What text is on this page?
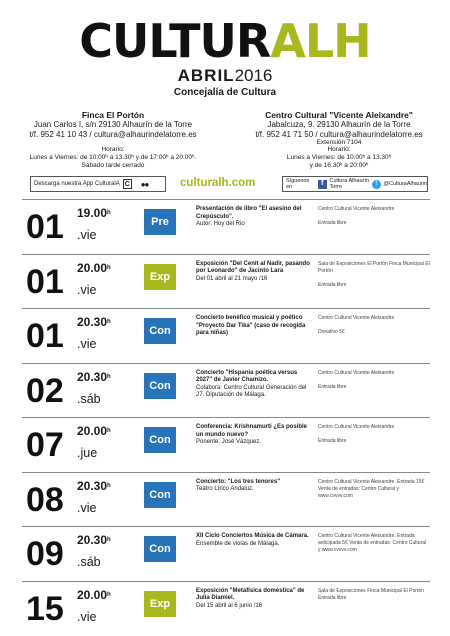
CULTURALH
ABRIL2016
Concejalía de Cultura
Finca El Portón
Juan Carlos I, s/n 29130 Alhaurín de la Torre
t/f. 952 41 10 43 / cultura@alhaurindelatorre.es
Horario:
Lunes a Viernes: de 10:00ʰ a 13.30ʰ y de 17:00ʰ a 20:00ʰ.
Sábado tarde cerrado
Centro Cultural "Vicente Aleixandre"
Jabalcuza, 9. 29130 Alhaurín de la Torre
t/f. 952 41 71 50 / cultura@alhaurindelatorre.es
Extensión 7104
Horario:
Lunes a Viernes: de 10.00ʰ a 13.30ʰ
y de 16.30ʰ a 20:00ʰ
Descarga nuestra App CulturalA C ●●	culturalh.com	Síguenos en	f	Cultura Alhaurín Torre	t	@CulturaAlhaurin
01 19.00$^h$
.vie
Pre
Presentación de libro "El asesino del Crepúsculo".
Autor: Hoy del Rio
Centro Cultural Vicente Aleixandre
Entrada libre
01 20.00$^h$
.vie
Exp
Exposición "Del Cenit al Nadir, pasando por Leonardo" de Jacinto Lara
Del 01 abril al 21 mayo /16
Sala de Exposiciones El Portón Finca Municipal El Portón
Entrada libre
01 20.30$^h$
.vie
Con
Concierto benéfico musical y poético "Proyecto Dar Tika" (caso de recogida para niñas)
Centro Cultural Vicente Aleixandre
Donativo 5€
02 20.30$^h$
.sáb
Con
Concierto "Hispania poética versus 2027" de Javier Chamizo.
Colabora: Centro Cultural Generación del 27. Diputación de Málaga.
Centro Cultural Vicente Aleixandre
Entrada libre
07 20.00$^h$
.jue
Con
Conferencia: Krishnamurti ¿Es posible un mundo nuevo?
Ponente: José Vázquez.
Centro Cultural Vicente Aleixandre
Entrada libre
08 20.30$^h$
.vie
Con
Concierto: "Los tres tenores"
Teatro Lírico Andaluz.
Centro Cultural Vicente Aleixandre. Entrada 15€ Venta de entradas: Centro Cultural y www.cvvvv.com
09 20.30$^h$
.sáb
Con
XII Ciclo Conciertos Música de Cámara.
Ensemble de violas de Málaga.
Centro Cultural Vicente Aleixandre. Entrada anticipada 5€ Venta de entradas: Centro Cultural y www.cvvvv.com
15 20.00$^h$
.vie
Exp
Exposición "Metafísica doméstica" de Julia Diamiel.
Del 15 abril al 6 junio /16
Sala de Exposiciones Finca Municipal El Portón Entrada libre
